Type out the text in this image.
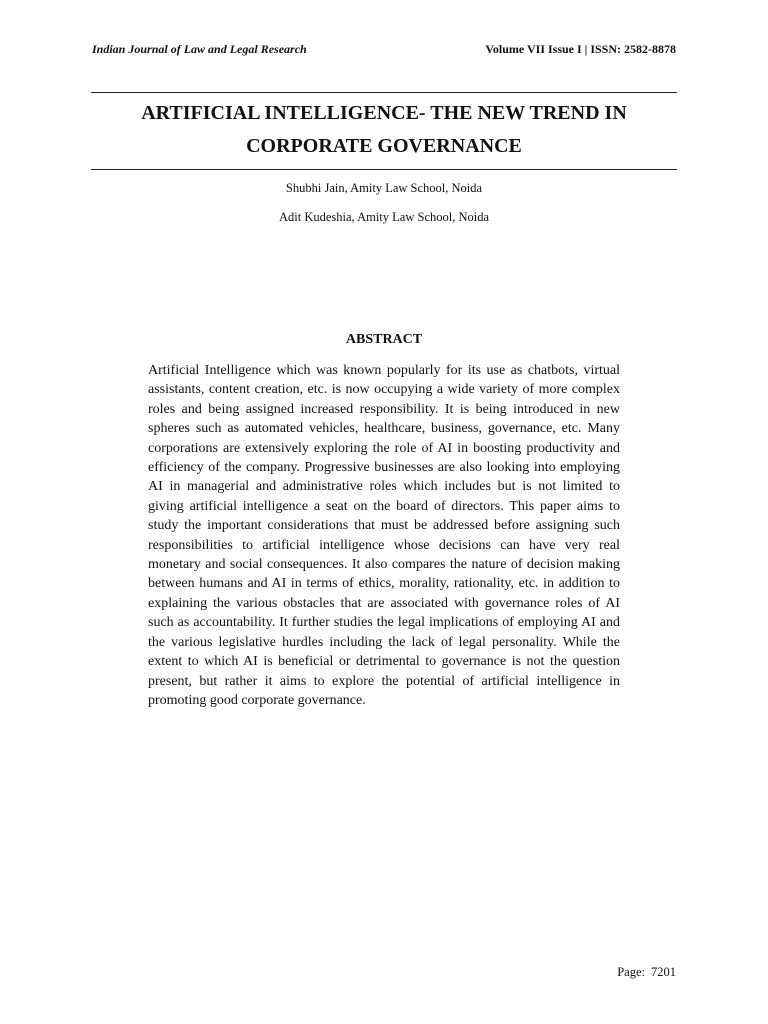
Indian Journal of Law and Legal Research	Volume VII Issue I | ISSN: 2582-8878
ARTIFICIAL INTELLIGENCE- THE NEW TREND IN CORPORATE GOVERNANCE
Shubhi Jain, Amity Law School, Noida
Adit Kudeshia, Amity Law School, Noida
ABSTRACT

Artificial Intelligence which was known popularly for its use as chatbots, virtual assistants, content creation, etc. is now occupying a wide variety of more complex roles and being assigned increased responsibility. It is being introduced in new spheres such as automated vehicles, healthcare, business, governance, etc. Many corporations are extensively exploring the role of AI in boosting productivity and efficiency of the company. Progressive businesses are also looking into employing AI in managerial and administrative roles which includes but is not limited to giving artificial intelligence a seat on the board of directors. This paper aims to study the important considerations that must be addressed before assigning such responsibilities to artificial intelligence whose decisions can have very real monetary and social consequences. It also compares the nature of decision making between humans and AI in terms of ethics, morality, rationality, etc. in addition to explaining the various obstacles that are associated with governance roles of AI such as accountability. It further studies the legal implications of employing AI and the various legislative hurdles including the lack of legal personality. While the extent to which AI is beneficial or detrimental to governance is not the question present, but rather it aims to explore the potential of artificial intelligence in promoting good corporate governance.

Page: 7201
